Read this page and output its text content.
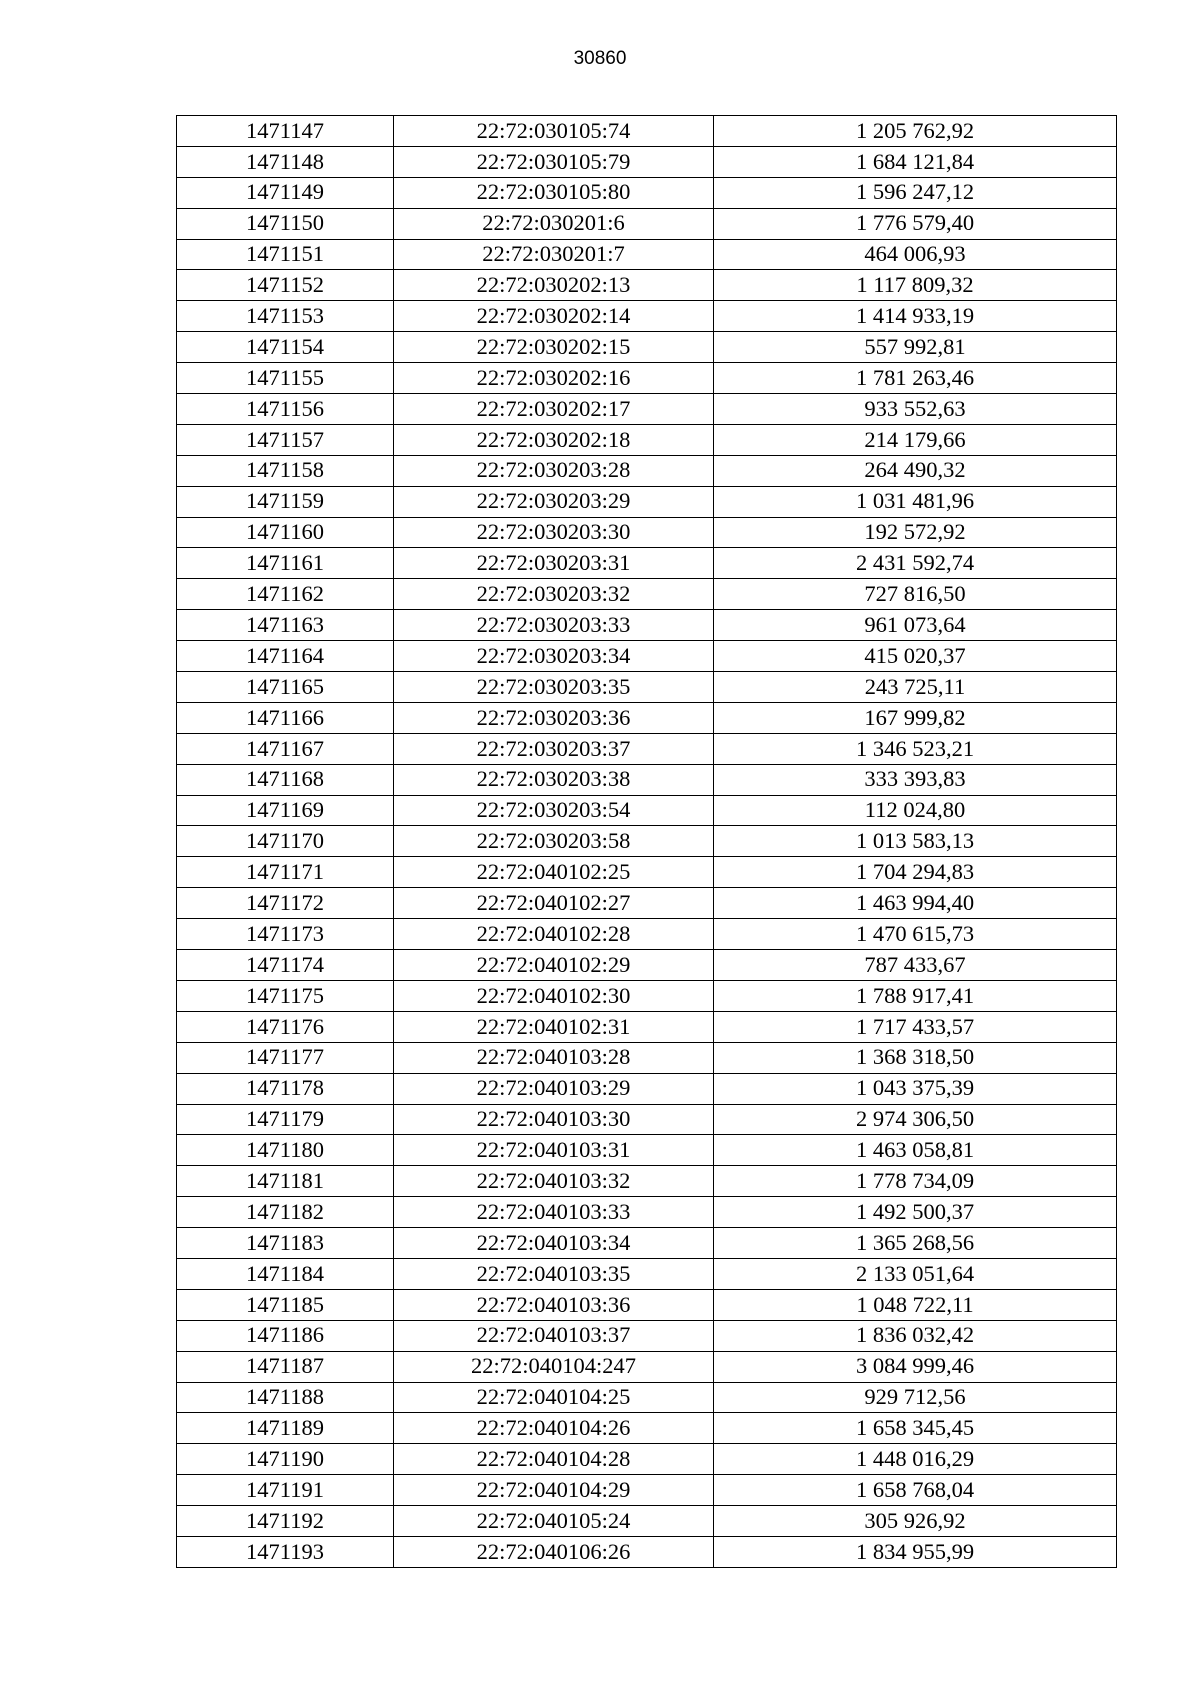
30860
1471147	22:72:030105:74	1 205 762,92
1471148	22:72:030105:79	1 684 121,84
1471149	22:72:030105:80	1 596 247,12
1471150	22:72:030201:6	1 776 579,40
1471151	22:72:030201:7	464 006,93
1471152	22:72:030202:13	1 117 809,32
1471153	22:72:030202:14	1 414 933,19
1471154	22:72:030202:15	557 992,81
1471155	22:72:030202:16	1 781 263,46
1471156	22:72:030202:17	933 552,63
1471157	22:72:030202:18	214 179,66
1471158	22:72:030203:28	264 490,32
1471159	22:72:030203:29	1 031 481,96
1471160	22:72:030203:30	192 572,92
1471161	22:72:030203:31	2 431 592,74
1471162	22:72:030203:32	727 816,50
1471163	22:72:030203:33	961 073,64
1471164	22:72:030203:34	415 020,37
1471165	22:72:030203:35	243 725,11
1471166	22:72:030203:36	167 999,82
1471167	22:72:030203:37	1 346 523,21
1471168	22:72:030203:38	333 393,83
1471169	22:72:030203:54	112 024,80
1471170	22:72:030203:58	1 013 583,13
1471171	22:72:040102:25	1 704 294,83
1471172	22:72:040102:27	1 463 994,40
1471173	22:72:040102:28	1 470 615,73
1471174	22:72:040102:29	787 433,67
1471175	22:72:040102:30	1 788 917,41
1471176	22:72:040102:31	1 717 433,57
1471177	22:72:040103:28	1 368 318,50
1471178	22:72:040103:29	1 043 375,39
1471179	22:72:040103:30	2 974 306,50
1471180	22:72:040103:31	1 463 058,81
1471181	22:72:040103:32	1 778 734,09
1471182	22:72:040103:33	1 492 500,37
1471183	22:72:040103:34	1 365 268,56
1471184	22:72:040103:35	2 133 051,64
1471185	22:72:040103:36	1 048 722,11
1471186	22:72:040103:37	1 836 032,42
1471187	22:72:040104:247	3 084 999,46
1471188	22:72:040104:25	929 712,56
1471189	22:72:040104:26	1 658 345,45
1471190	22:72:040104:28	1 448 016,29
1471191	22:72:040104:29	1 658 768,04
1471192	22:72:040105:24	305 926,92
1471193	22:72:040106:26	1 834 955,99
